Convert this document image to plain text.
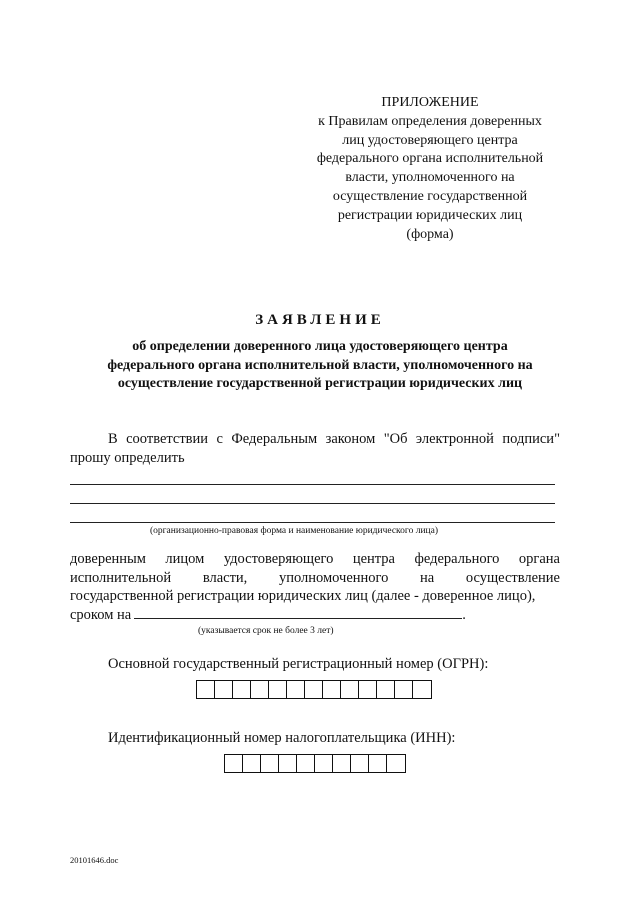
ПРИЛОЖЕНИЕ
к Правилам определения доверенных
лиц удостоверяющего центра
федерального органа исполнительной
власти, уполномоченного на
осуществление государственной
регистрации юридических лиц
(форма)
ЗАЯВЛЕНИЕ
об определении доверенного лица удостоверяющего центра
федерального органа исполнительной власти, уполномоченного на
осуществление государственной регистрации юридических лиц
В соответствии с Федеральным законом "Об электронной подписи" прошу определить
(организационно-правовая форма и наименование юридического лица)
доверенным лицом удостоверяющего центра федерального органа
исполнительной власти, уполномоченного на осуществление
государственной регистрации юридических лиц (далее - доверенное лицо),
сроком на	.
(указывается срок не более 3 лет)
Основной государственный регистрационный номер (ОГРН):
Идентификационный номер налогоплательщика (ИНН):
20101646.doc
